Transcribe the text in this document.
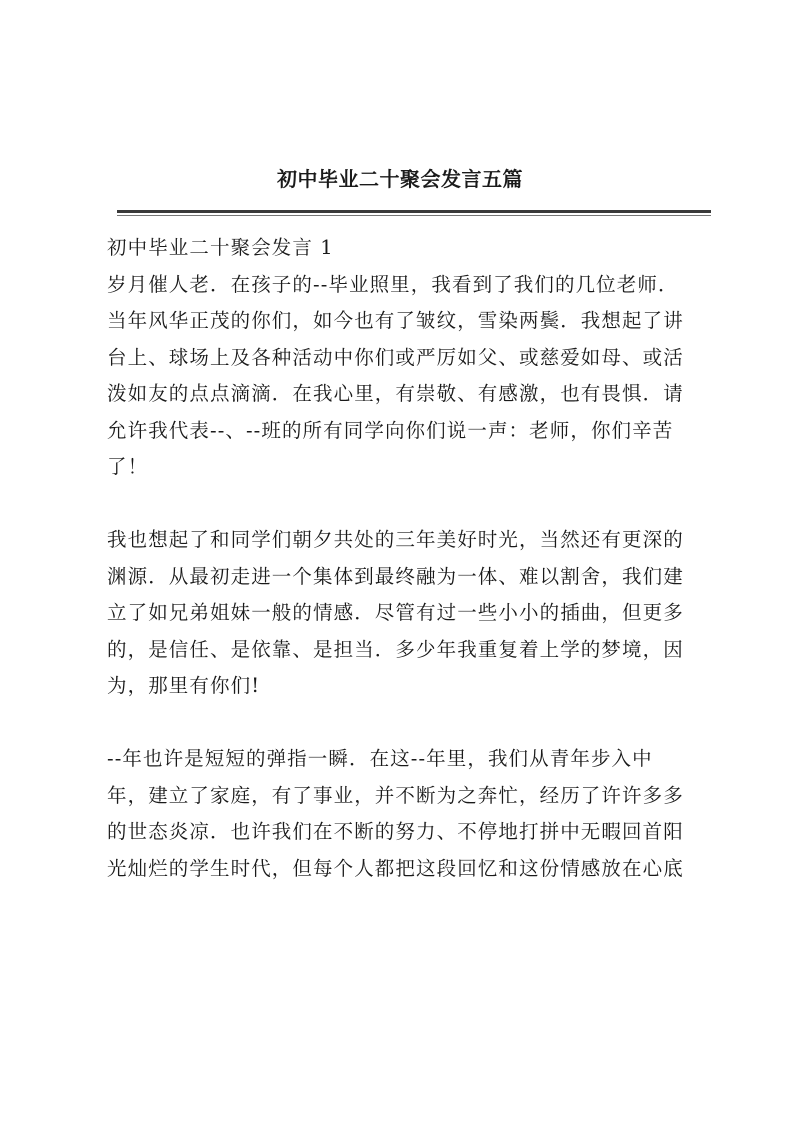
初中毕业二十聚会发言五篇
初中毕业二十聚会发言 1
岁月催人老．在孩子的--毕业照里，我看到了我们的几位老师．
当年风华正茂的你们，如今也有了皱纹，雪染两鬓．我想起了讲
台上、球场上及各种活动中你们或严厉如父、或慈爱如母、或活
泼如友的点点滴滴．在我心里，有崇敬、有感激，也有畏惧．请
允许我代表--、--班的所有同学向你们说一声：老师，你们辛苦
了！
我也想起了和同学们朝夕共处的三年美好时光，当然还有更深的
渊源．从最初走进一个集体到最终融为一体、难以割舍，我们建
立了如兄弟姐妹一般的情感．尽管有过一些小小的插曲，但更多
的，是信任、是依靠、是担当．多少年我重复着上学的梦境，因
为，那里有你们!
--年也许是短短的弹指一瞬．在这--年里，我们从青年步入中
年，建立了家庭，有了事业，并不断为之奔忙，经历了许许多多
的世态炎凉．也许我们在不断的努力、不停地打拼中无暇回首阳
光灿烂的学生时代，但每个人都把这段回忆和这份情感放在心底
